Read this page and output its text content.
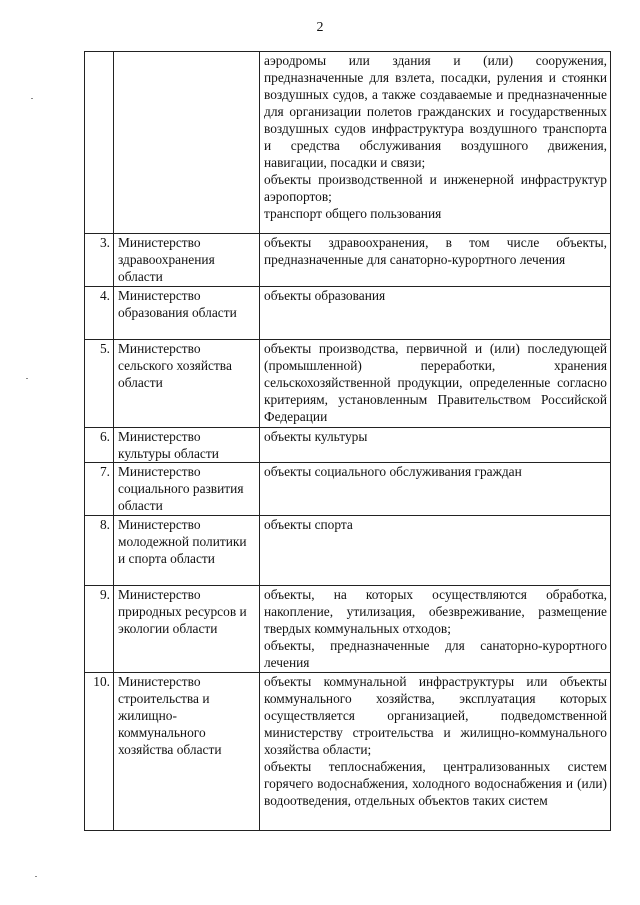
2

		аэродромы или здания и (или) сооружения, предназначенные для взлета, посадки, руления и стоянки воздушных судов, а также создаваемые и предназначенные для организации полетов гражданских и государственных воздушных судов инфраструктура воздушного транспорта и средства обслуживания воздушного движения, навигации, посадки и связи;
объекты производственной и инженерной инфраструктур аэропортов;
транспорт общего пользования

3.	Министерство здравоохранения области	объекты здравоохранения, в том числе объекты, предназначенные для санаторно-курортного лечения

4.	Министерство образования области	объекты образования

5.	Министерство сельского хозяйства области	объекты производства, первичной и (или) последующей (промышленной) переработки, хранения сельскохозяйственной продукции, определенные согласно критериям, установленным Правительством Российской Федерации

6.	Министерство культуры области	объекты культуры

7.	Министерство социального развития области	объекты социального обслуживания граждан

8.	Министерство молодежной политики и спорта области	объекты спорта

9.	Министерство природных ресурсов и экологии области	объекты, на которых осуществляются обработка, накопление, утилизация, обезвреживание, размещение твердых коммунальных отходов;
объекты, предназначенные для санаторно-курортного лечения

10.	Министерство строительства и жилищно-коммунального хозяйства области	объекты коммунальной инфраструктуры или объекты коммунального хозяйства, эксплуатация которых осуществляется организацией, подведомственной министерству строительства и жилищно-коммунального хозяйства области;
объекты теплоснабжения, централизованных систем горячего водоснабжения, холодного водоснабжения и (или) водоотведения, отдельных объектов таких систем
